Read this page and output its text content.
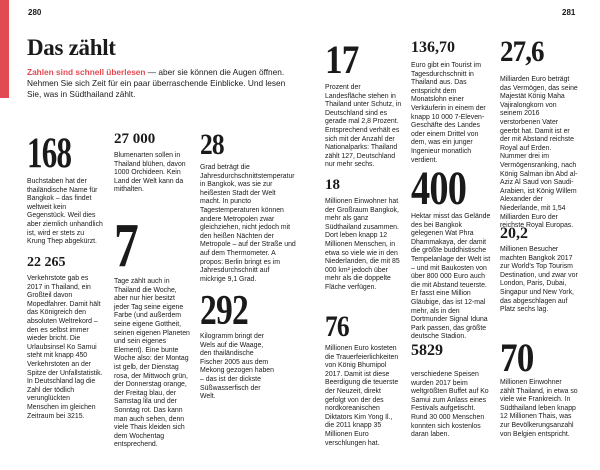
280	281
Das zählt
Zahlen sind schnell überlesen — aber sie können die Augen öffnen. Nehmen Sie sich Zeit für ein paar überraschende Einblicke. Und lesen Sie, was in Südthailand zählt.
168
Buchstaben hat der thailändische Name für Bangkok – das findet weltweit kein Gegenstück. Weil dies aber ziemlich unhandlich ist, wird er stets zu Krung Thep abgekürzt.
22 265
Verkehrstote gab es 2017 in Thailand, ein Großteil davon Mopedfahrer. Damit hält das Königreich den absoluten Weltrekord – den es selbst immer wieder bricht. Die Urlaubsinsel Ko Samui steht mit knapp 450 Verkehrstoten an der Spitze der Unfallstatistik. In Deutschland lag die Zahl der tödlich verunglückten Menschen im gleichen Zeitraum bei 3215.
27 000
Blumenarten sollen in Thailand blühen, davon 1000 Orchideen. Kein Land der Welt kann da mithalten.
7
Tage zählt auch in Thailand die Woche, aber nur hier besitzt jeder Tag seine eigene Farbe (und außerdem seine eigene Gottheit, seinen eigenen Planeten und sein eigenes Element). Eine bunte Woche also: der Montag ist gelb, der Dienstag rosa, der Mittwoch grün, der Donnerstag orange, der Freitag blau, der Samstag lila und der Sonntag rot. Das kann man auch sehen, denn viele Thais kleiden sich dem Wochentag entsprechend.
28
Grad beträgt die Jahresdurchschnittstemperatur in Bangkok, was sie zur heißesten Stadt der Welt macht. In puncto Tagestemperaturen können andere Metropolen zwar gleichziehen, nicht jedoch mit den heißen Nächten der Metropole – auf der Straße und auf dem Thermometer. A propos: Berlin bringt es im Jahresdurchschnitt auf mickrige 9,1 Grad.
292
Kilogramm bringt der Wels auf die Waage, den thailändische Fischer 2005 aus dem Mekong gezogen haben – das ist der dickste Süßwasserfisch der Welt.
17
Prozent der Landesfläche stehen in Thailand unter Schutz, in Deutschland sind es gerade mal 2,8 Prozent. Entsprechend verhält es sich mit der Anzahl der Nationalparks: Thailand zählt 127, Deutschland nur mehr sechs.
18
Millionen Einwohner hat der Großraum Bangkok, mehr als ganz Südthailand zusammen. Dort leben knapp 12 Millionen Menschen, in etwa so viele wie in den Niederlanden, die mit 85 000 km² jedoch über mehr als die doppelte Fläche verfügen.
76
Millionen Euro kosteten die Trauerfeierlichkeiten von König Bhumipol 2017. Damit ist diese Beerdigung die teuerste der Neuzeit, direkt gefolgt von der des nordkoreanischen Diktators Kim Yong Il., die 2011 knapp 35 Millionen Euro verschlungen hat.
136,70
Euro gibt ein Tourist im Tagesdurchschnitt in Thailand aus. Das entspricht dem Monatslohn einer Verkäuferin in einem der knapp 10 000 7-Eleven-Geschäfte des Landes oder einem Drittel von dem, was ein junger Ingenieur monatlich verdient.
400
Hektar misst das Gelände des bei Bangkok gelegenen Wat Phra Dhammakaya, der damit die größte buddhistische Tempelanlage der Welt ist – und mit Baukosten von über 800 000 Euro auch die mit Abstand teuerste. Er fasst eine Million Gläubige, das ist 12-mal mehr, als in den Dortmunder Signal Iduna Park passen, das größte deutsche Stadion.
5829
verschiedene Speisen wurden 2017 beim weltgrößten Buffet auf Ko Samui zum Anlass eines Festivals aufgetischt. Rund 30 000 Menschen konnten sich kostenlos daran laben.
27,6
Milliarden Euro beträgt das Vermögen, das seine Majestät König Maha Vajiralongkorn von seinem 2016 verstorbenen Vater geerbt hat. Damit ist er der mit Abstand reichste Royal auf Erden. Nummer drei im Vermögensranking, nach König Salman ibn Abd al-Aziz Al Saud von Saudi-Arabien, ist König Willem Alexander der Niederlande, mit 1,54 Milliarden Euro der reichste Royal Europas.
20,2
Millionen Besucher machten Bangkok 2017 zur World's Top Tourism Destination, und zwar vor London, Paris, Dubai, Singapur und New York, das abgeschlagen auf Platz sechs lag.
70
Millionen Einwohner zählt Thailand, in etwa so viele wie Frankreich. In Südthailand leben knapp 12 Millionen Thais, was zur Bevölkerungsanzahl von Belgien entspricht.
